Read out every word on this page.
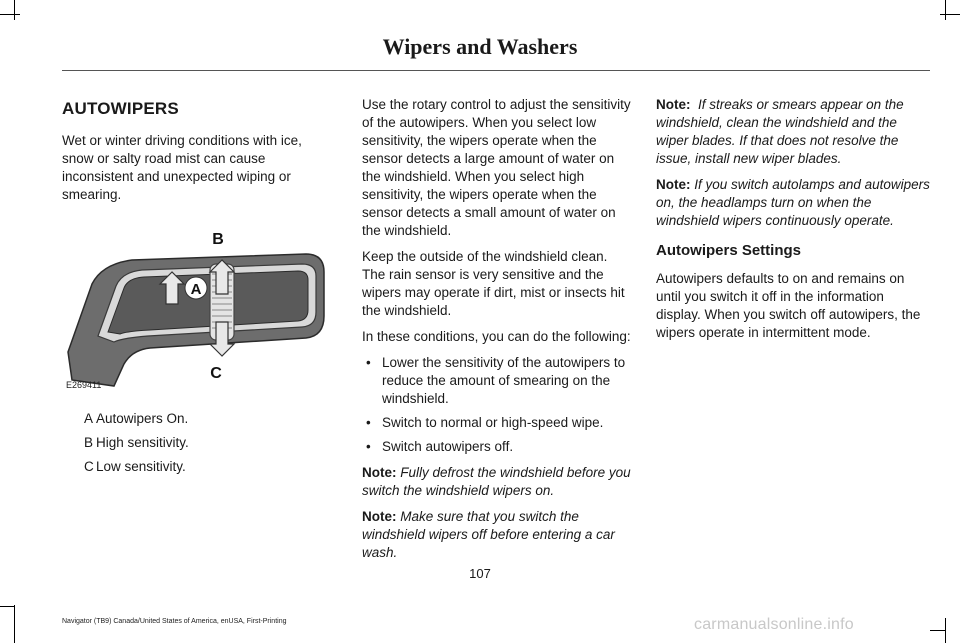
Wipers and Washers
AUTOWIPERS

Wet or winter driving conditions with ice, snow or salty road mist can cause inconsistent and unexpected wiping or smearing.

A
B
C
E269411
A Autowipers On.
B High sensitivity.
C Low sensitivity.

Use the rotary control to adjust the sensitivity of the autowipers. When you select low sensitivity, the wipers operate when the sensor detects a large amount of water on the windshield. When you select high sensitivity, the wipers operate when the sensor detects a small amount of water on the windshield.

Keep the outside of the windshield clean. The rain sensor is very sensitive and the wipers may operate if dirt, mist or insects hit the windshield.

In these conditions, you can do the following:

• Lower the sensitivity of the autowipers to reduce the amount of smearing on the windshield.
• Switch to normal or high-speed wipe.
• Switch autowipers off.

Note: Fully defrost the windshield before you switch the windshield wipers on.

Note: Make sure that you switch the windshield wipers off before entering a car wash.

Note: If streaks or smears appear on the windshield, clean the windshield and the wiper blades. If that does not resolve the issue, install new wiper blades.

Note: If you switch autolamps and autowipers on, the headlamps turn on when the windshield wipers continuously operate.

Autowipers Settings

Autowipers defaults to on and remains on until you switch it off in the information display. When you switch off autowipers, the wipers operate in intermittent mode.

107
Navigator (TB9) Canada/United States of America, enUSA, First-Printing	carmanualsonline.info
